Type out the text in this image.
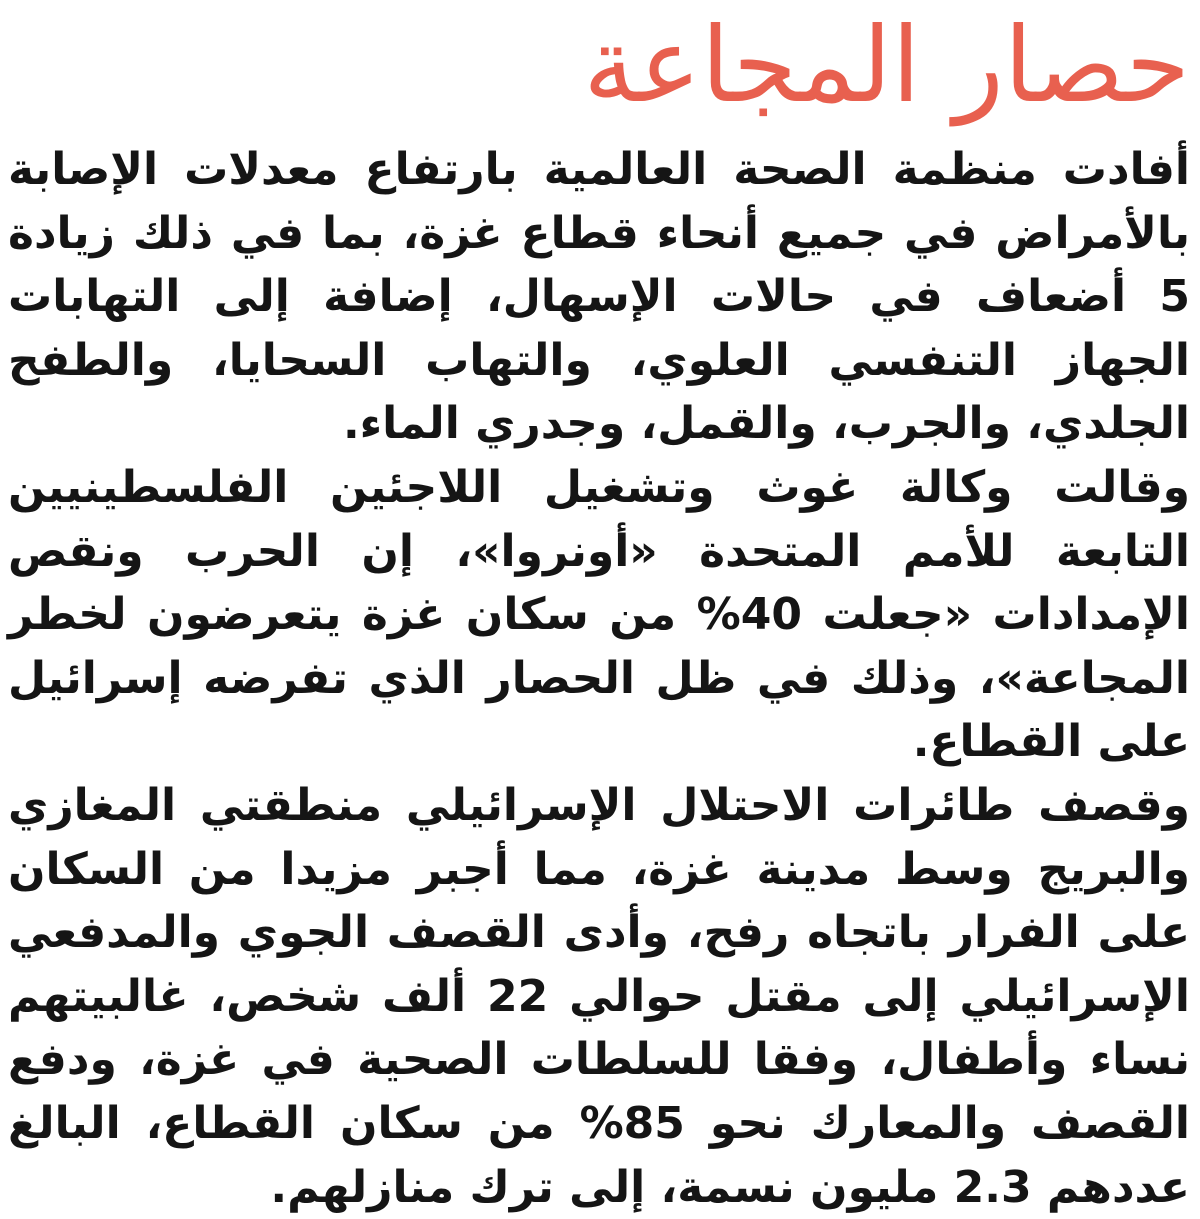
حصار المجاعة

أفادت منظمة الصحة العالمية بارتفاع معدلات الإصابة بالأمراض في جميع أنحاء قطاع غزة، بما في ذلك زيادة 5 أضعاف في حالات الإسهال، إضافة إلى التهابات الجهاز التنفسي العلوي، والتهاب السحايا، والطفح الجلدي، والجرب، والقمل، وجدري الماء.

وقالت وكالة غوث وتشغيل اللاجئين الفلسطينيين التابعة للأمم المتحدة «أونروا»، إن الحرب ونقص الإمدادات «جعلت 40% من سكان غزة يتعرضون لخطر المجاعة»، وذلك في ظل الحصار الذي تفرضه إسرائيل على القطاع.

وقصف طائرات الاحتلال الإسرائيلي منطقتي المغازي والبريج وسط مدينة غزة، مما أجبر مزيدا من السكان على الفرار باتجاه رفح، وأدى القصف الجوي والمدفعي الإسرائيلي إلى مقتل حوالي 22 ألف شخص، غالبيتهم نساء وأطفال، وفقا للسلطات الصحية في غزة، ودفع القصف والمعارك نحو 85% من سكان القطاع، البالغ عددهم 2.3 مليون نسمة، إلى ترك منازلهم.
